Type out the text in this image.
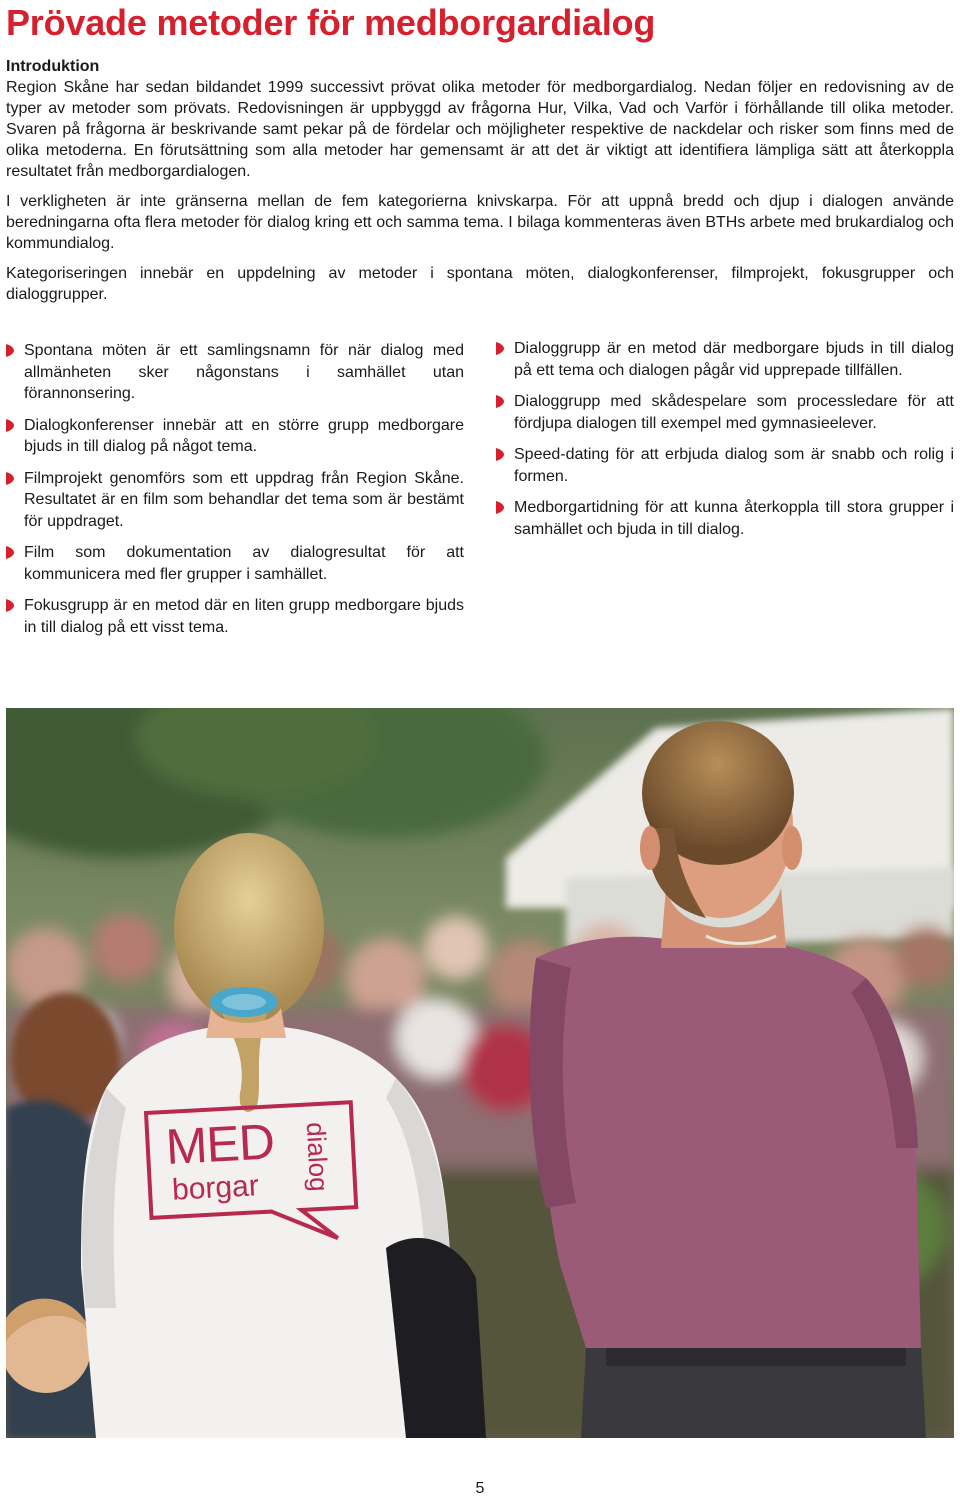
Prövade metoder för medborgardialog
Introduktion

Region Skåne har sedan bildandet 1999 successivt prövat olika metoder för medborgardialog. Nedan följer en redovisning av de typer av metoder som prövats. Redovisningen är uppbyggd av frågorna Hur, Vilka, Vad och Varför i förhållande till olika metoder. Svaren på frågorna är beskrivande samt pekar på de fördelar och möjligheter respektive de nackdelar och risker som finns med de olika metoderna. En förutsättning som alla metoder har gemensamt är att det är viktigt att identifiera lämpliga sätt att återkoppla resultatet från medborgardialogen.

I verkligheten är inte gränserna mellan de fem kategorierna knivskarpa. För att uppnå bredd och djup i dialogen använde beredningarna ofta flera metoder för dialog kring ett och samma tema. I bilaga kommenteras även BTHs arbete med brukardialog och kommundialog.

Kategoriseringen innebär en uppdelning av metoder i spontana möten, dialogkonferenser, filmprojekt, fokusgrupper och dialoggrupper.

Spontana möten är ett samlingsnamn för när dialog med allmänheten sker någonstans i samhället utan förannonsering.
Dialogkonferenser innebär att en större grupp medborgare bjuds in till dialog på något tema.
Filmprojekt genomförs som ett uppdrag från Region Skåne. Resultatet är en film som behandlar det tema som är bestämt för uppdraget.
Film som dokumentation av dialogresultat för att kommunicera med fler grupper i samhället.
Fokusgrupp är en metod där en liten grupp medborgare bjuds in till dialog på ett visst tema.
Dialoggrupp är en metod där medborgare bjuds in till dialog på ett tema och dialogen pågår vid upprepade tillfällen.
Dialoggrupp med skådespelare som processledare för att fördjupa dialogen till exempel med gymnasieelever.
Speed-dating för att erbjuda dialog som är snabb och rolig i formen.
Medborgartidning för att kunna återkoppla till stora grupper i samhället och bjuda in till dialog.
MED
borgar dialog
5
